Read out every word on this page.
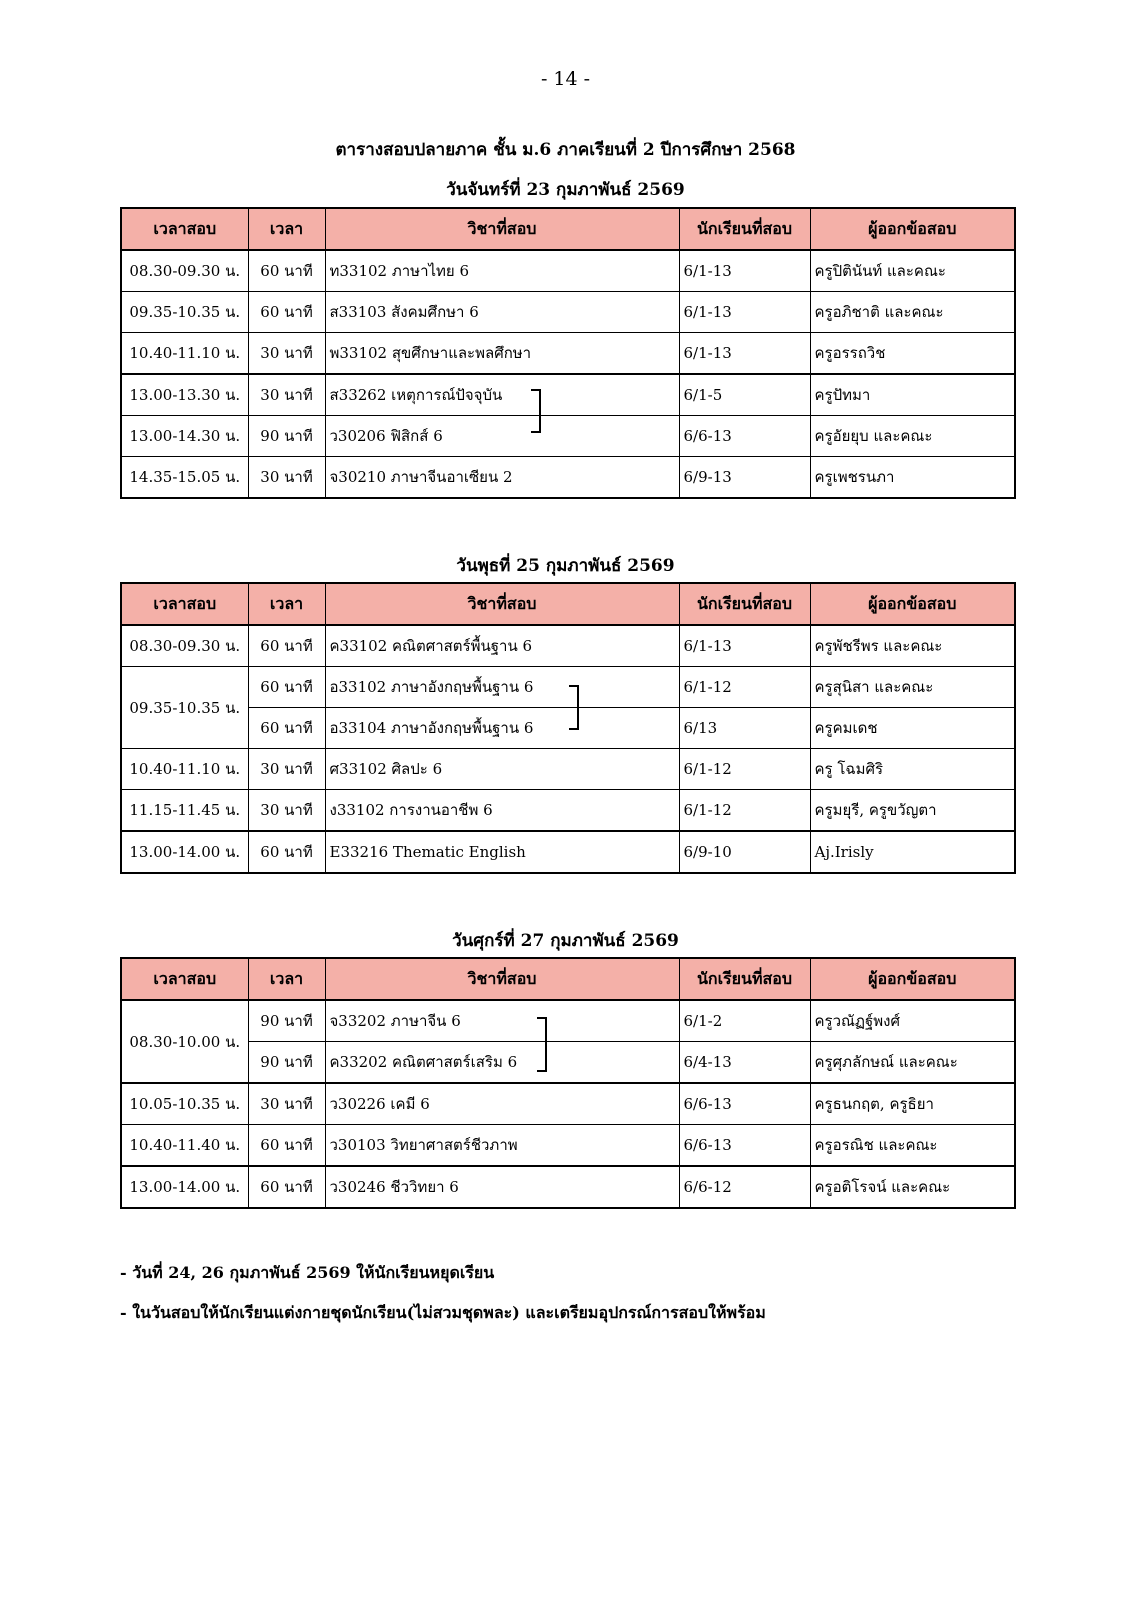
- 14 -
ตารางสอบปลายภาค ชั้น ม.6 ภาคเรียนที่ 2 ปีการศึกษา 2568
วันจันทร์ที่ 23 กุมภาพันธ์ 2569
เวลาสอบ	เวลา	วิชาที่สอบ	นักเรียนที่สอบ	ผู้ออกข้อสอบ
08.30-09.30 น.	60 นาที	ท33102 ภาษาไทย 6	6/1-13	ครูปิตินันท์ และคณะ
09.35-10.35 น.	60 นาที	ส33103 สังคมศึกษา 6	6/1-13	ครูอภิชาติ และคณะ
10.40-11.10 น.	30 นาที	พ33102 สุขศึกษาและพลศึกษา	6/1-13	ครูอรรถวิช
13.00-13.30 น.	30 นาที	ส33262 เหตุการณ์ปัจจุบัน	6/1-5	ครูปัทมา
13.00-14.30 น.	90 นาที	ว30206 ฟิสิกส์ 6	6/6-13	ครูอัยยุบ และคณะ
14.35-15.05 น.	30 นาที	จ30210 ภาษาจีนอาเซียน 2	6/9-13	ครูเพชรนภา
วันพุธที่ 25 กุมภาพันธ์ 2569
เวลาสอบ	เวลา	วิชาที่สอบ	นักเรียนที่สอบ	ผู้ออกข้อสอบ
08.30-09.30 น.	60 นาที	ค33102 คณิตศาสตร์พื้นฐาน 6	6/1-13	ครูพัชรีพร และคณะ
09.35-10.35 น.	60 นาที	อ33102 ภาษาอังกฤษพื้นฐาน 6	6/1-12	ครูสุนิสา และคณะ
	60 นาที	อ33104 ภาษาอังกฤษพื้นฐาน 6	6/13	ครูคมเดช
10.40-11.10 น.	30 นาที	ศ33102 ศิลปะ 6	6/1-12	ครู โฉมศิริ
11.15-11.45 น.	30 นาที	ง33102 การงานอาชีพ 6	6/1-12	ครูมยุรี, ครูขวัญตา
13.00-14.00 น.	60 นาที	E33216 Thematic English	6/9-10	Aj.Irisly
วันศุกร์ที่ 27 กุมภาพันธ์ 2569
เวลาสอบ	เวลา	วิชาที่สอบ	นักเรียนที่สอบ	ผู้ออกข้อสอบ
08.30-10.00 น.	90 นาที	จ33202 ภาษาจีน 6	6/1-2	ครูวณัฏฐ์พงศ์
	90 นาที	ค33202 คณิตศาสตร์เสริม 6	6/4-13	ครูศุภลักษณ์ และคณะ
10.05-10.35 น.	30 นาที	ว30226 เคมี 6	6/6-13	ครูธนกฤต, ครูธิยา
10.40-11.40 น.	60 นาที	ว30103 วิทยาศาสตร์ชีวภาพ	6/6-13	ครูอรณิช และคณะ
13.00-14.00 น.	60 นาที	ว30246 ชีววิทยา 6	6/6-12	ครูอติโรจน์ และคณะ
- วันที่ 24, 26 กุมภาพันธ์ 2569 ให้นักเรียนหยุดเรียน
- ในวันสอบให้นักเรียนแต่งกายชุดนักเรียน(ไม่สวมชุดพละ) และเตรียมอุปกรณ์การสอบให้พร้อม
